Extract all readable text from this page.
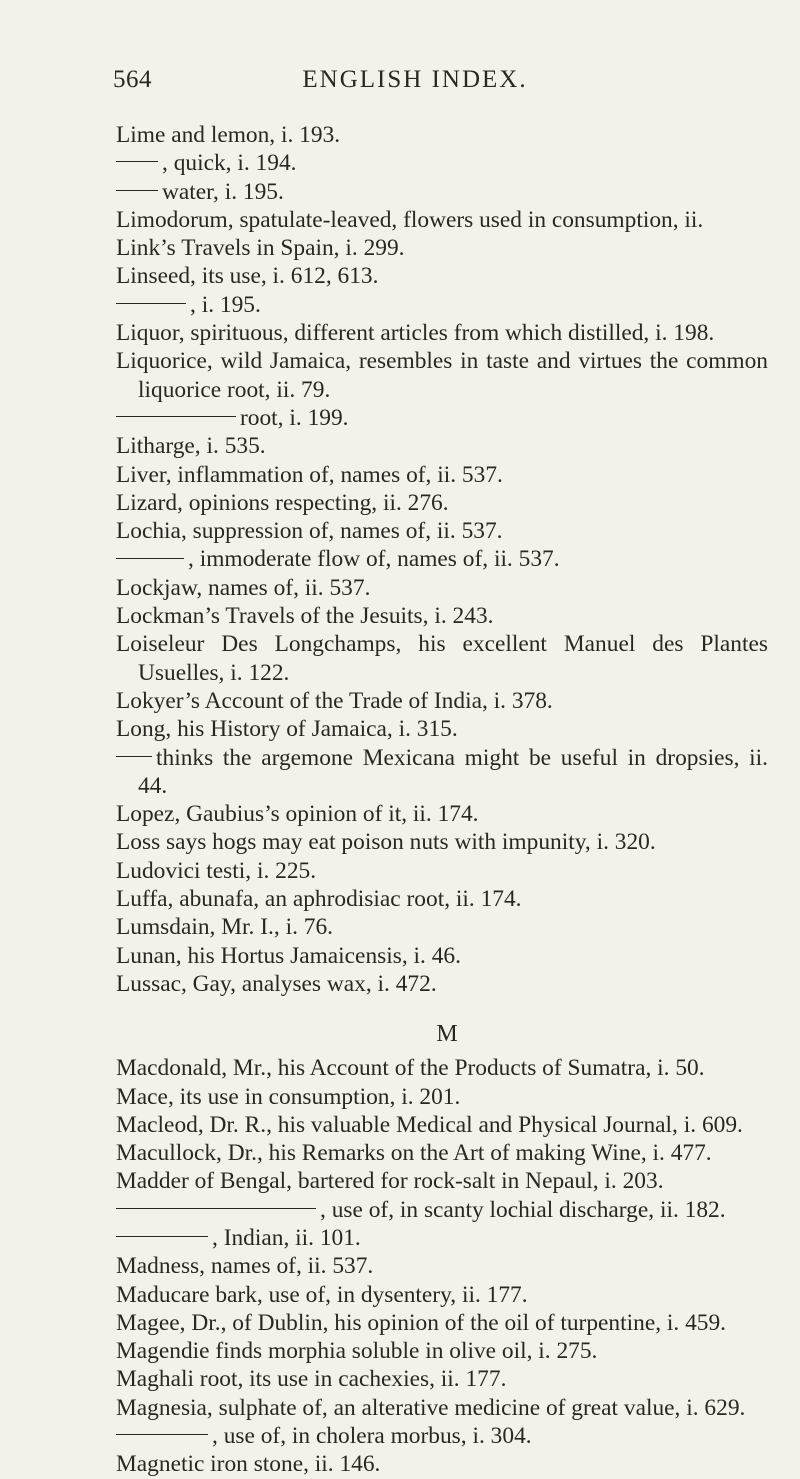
564	ENGLISH INDEX.
Lime and lemon, i. 193.
, quick, i. 194.
water, i. 195.
Limodorum, spatulate-leaved, flowers used in consumption, ii.
Link’s Travels in Spain, i. 299.
Linseed, its use, i. 612, 613.
, i. 195.
Liquor, spirituous, different articles from which distilled, i. 198.
Liquorice, wild Jamaica, resembles in taste and virtues the common liquorice root, ii. 79.
root, i. 199.
Litharge, i. 535.
Liver, inflammation of, names of, ii. 537.
Lizard, opinions respecting, ii. 276.
Lochia, suppression of, names of, ii. 537.
, immoderate flow of, names of, ii. 537.
Lockjaw, names of, ii. 537.
Lockman’s Travels of the Jesuits, i. 243.
Loiseleur Des Longchamps, his excellent Manuel des Plantes Usuelles, i. 122.
Lokyer’s Account of the Trade of India, i. 378.
Long, his History of Jamaica, i. 315.
thinks the argemone Mexicana might be useful in dropsies, ii. 44.
Lopez, Gaubius’s opinion of it, ii. 174.
Loss says hogs may eat poison nuts with impunity, i. 320.
Ludovici testi, i. 225.
Luffa, abunafa, an aphrodisiac root, ii. 174.
Lumsdain, Mr. I., i. 76.
Lunan, his Hortus Jamaicensis, i. 46.
Lussac, Gay, analyses wax, i. 472.
M
Macdonald, Mr., his Account of the Products of Sumatra, i. 50.
Mace, its use in consumption, i. 201.
Macleod, Dr. R., his valuable Medical and Physical Journal, i. 609.
Macullock, Dr., his Remarks on the Art of making Wine, i. 477.
Madder of Bengal, bartered for rock-salt in Nepaul, i. 203.
, use of, in scanty lochial discharge, ii. 182.
, Indian, ii. 101.
Madness, names of, ii. 537.
Maducare bark, use of, in dysentery, ii. 177.
Magee, Dr., of Dublin, his opinion of the oil of turpentine, i. 459.
Magendie finds morphia soluble in olive oil, i. 275.
Maghali root, its use in cachexies, ii. 177.
Magnesia, sulphate of, an alterative medicine of great value, i. 629.
, use of, in cholera morbus, i. 304.
Magnetic iron stone, ii. 146.
